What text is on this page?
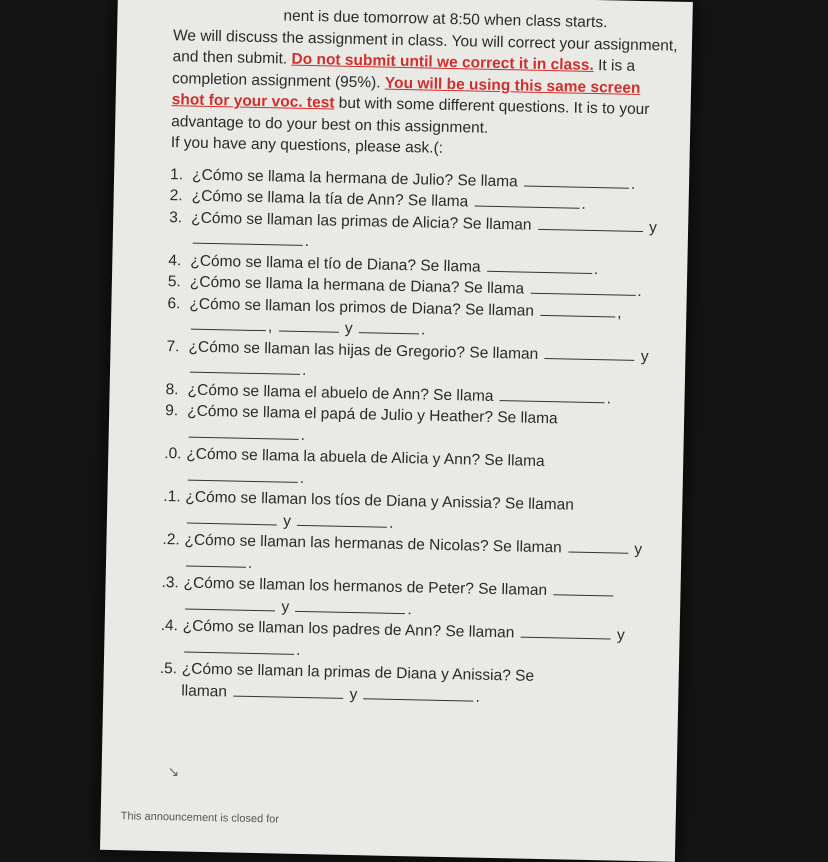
nent is due tomorrow at 8:50 when class starts.

We will discuss the assignment in class. You will correct your assignment, and then submit. Do not submit until we correct it in class. It is a completion assignment (95%). You will be using this same screen shot for your voc. test but with some different questions. It is to your advantage to do your best on this assignment.

If you have any questions, please ask.(:

1. ¿Cómo se llama la hermana de Julio? Se llama	.
2. ¿Cómo se llama la tía de Ann? Se llama	.
3. ¿Cómo se llaman las primas de Alicia? Se llaman	y
.
4. ¿Cómo se llama el tío de Diana? Se llama	.
5. ¿Cómo se llama la hermana de Diana? Se llama	.
6. ¿Cómo se llaman los primos de Diana? Se llaman	,
,	y	.
7. ¿Cómo se llaman las hijas de Gregorio? Se llaman	y
.
8. ¿Cómo se llama el abuelo de Ann? Se llama	.
9. ¿Cómo se llama el papá de Julio y Heather? Se llama
.
.0. ¿Cómo se llama la abuela de Alicia y Ann? Se llama
.
.1. ¿Cómo se llaman los tíos de Diana y Anissia? Se llaman
y	.
.2. ¿Cómo se llaman las hermanas de Nicolas? Se llaman	y
.
.3. ¿Cómo se llaman los hermanos de Peter? Se llaman
y	.
.4. ¿Cómo se llaman los padres de Ann? Se llaman	y
.
.5. ¿Cómo se llaman la primas de Diana y Anissia? Se
llaman	y	.
↘
This announcement is closed for
